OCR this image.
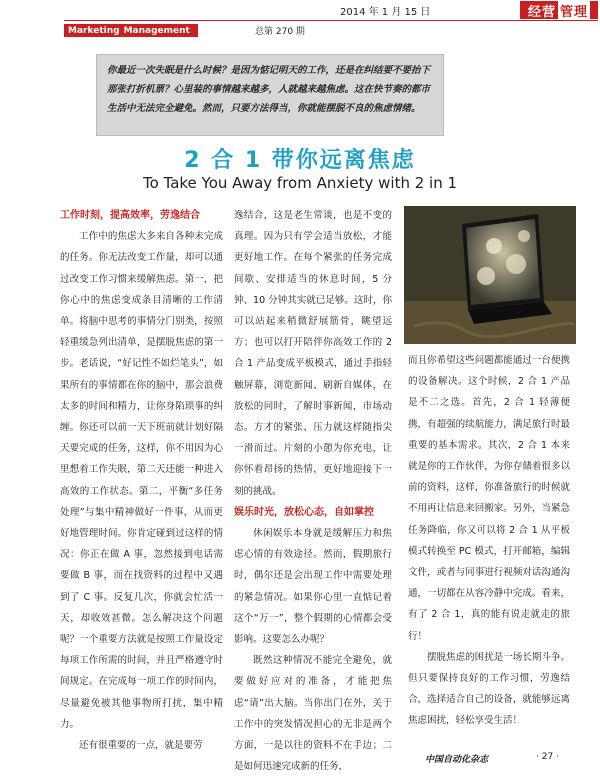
2014 年 1 月 15 日	经营 管理
Marketing Management	总第 270 期
你最近一次失眠是什么时候？是因为惦记明天的工作，还是在纠结要不要抬下那张打折机票？心里装的事情越来越多，人就越来越焦虑。这在快节奏的都市生活中无法完全避免。然而，只要方法得当，你就能摆脱不良的焦虑情绪。
2 合 1 带你远离焦虑
To Take You Away from Anxiety with 2 in 1

工作时刻，提高效率，劳逸结合

工作中的焦虑大多来自各种未完成的任务。你无法改变工作量，却可以通过改变工作习惯来缓解焦虑。第一，把你心中的焦虑变成条目清晰的工作清单。将脑中思考的事情分门别类，按照轻重缓急列出清单，是摆脱焦虑的第一步。老话说，“好记性不如烂笔头”，如果所有的事情都在你的脑中，那会浪费太多的时间和精力，让你身陷琐事的纠缠。你还可以前一天下班前就计划好隔天要完成的任务，这样，你不用因为心里想着工作失眠，第二天还能一种进入高效的工作状态。第二，平衡“多任务处理”与集中精神做好一件事，从而更好地管理时间。你肯定碰到过这样的情况：你正在做 A 事，忽然接到电话需要做 B 事，而在找资料的过程中又遇到了 C 事。反复几次，你就会忙活一天，却收效甚微。怎么解决这个问题呢？一个重要方法就是按照工作量设定每项工作所需的时间，并且严格遵守时间规定。在完成每一项工作的时间内，尽量避免被其他事物所打扰，集中精力。

还有很重要的一点，就是要劳

逸结合，这是老生常谈，也是不变的真理。因为只有学会适当放松，才能更好地工作。在每个紧张的任务完成间歇、安排适当的休息时间，5 分钟、10 分钟其实就已足够。这时，你可以站起来稍微舒展筋骨，眺望远方；也可以打开陪伴你高效工作的 2 合 1 产品变成平板模式，通过手指轻触屏幕，浏览新闻、刷新自媒体，在放松的同时，了解时事新闻，市场动态。方才的紧张、压力就这样随指尖一滑而过。片刻的小憩为你充电，让你怀着昂扬的热情，更好地迎接下一刻的挑战。

娱乐时光，放松心态，自如掌控

休闲娱乐本身就是缓解压力和焦虑心情的有效途径。然而，假期旅行时，偶尔还是会出现工作中需要处理的紧急情况。如果你心里一直惦记着这个“万一”，整个假期的心情都会受影响。这要怎么办呢？

既然这种情况不能完全避免，就要做好应对的准备，才能把焦虑“请”出大脑。当你出门在外，关于工作中的突发情况担心的无非是两个方面，一是以往的资料不在手边；二是如何迅速完成新的任务，

而且你希望这些问题都能通过一台便携的设备解决。这个时候，2 合 1 产品是不二之选。首先，2 合 1 轻薄便携，有超强的续航能力，满足旅行时最重要的基本需求。其次，2 合 1 本来就是你的工作伙伴，为你存储着很多以前的资料，这样，你准备旅行的时候就不用再让信息来回搬家。另外，当紧急任务降临，你又可以将 2 合 1 从平板模式转换至 PC 模式，打开邮箱，编辑文件，或者与同事进行视频对话沟通沟通，一切都在从容冷静中完成。看来，有了 2 合 1，真的能有说走就走的旅行！

摆脱焦虑的困扰是一场长期斗争。但只要保持良好的工作习惯，劳逸结合，选择适合自己的设备，就能够远离焦虑困扰，轻松享受生活！

中国自动化杂志	· 27 ·
